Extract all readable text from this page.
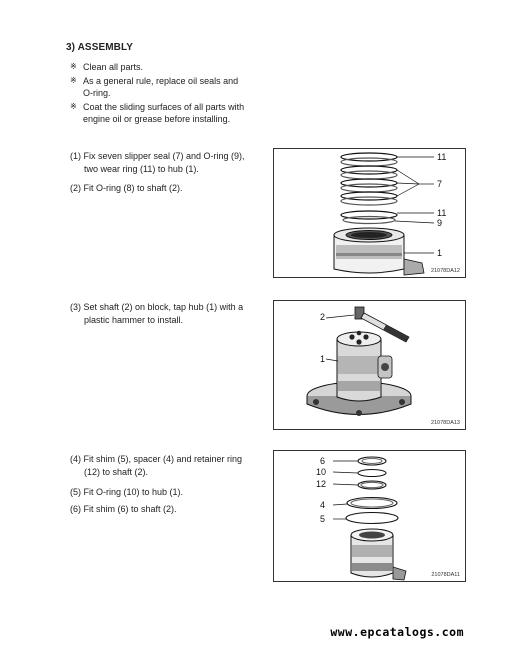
3) ASSEMBLY
※ Clean all parts.
※ As a general rule, replace oil seals and
O-ring.
※ Coat the sliding surfaces of all parts with
engine oil or grease before installing.
(1) Fix seven slipper seal (7) and O-ring (9),
two wear ring (11) to hub (1).
(2) Fit O-ring (8) to shaft (2).
(3) Set shaft (2) on block, tap hub (1) with a
plastic hammer to install.
(4) Fit shim (5), spacer (4) and retainer ring
(12) to shaft (2).
(5) Fit O-ring (10) to hub (1).
(6) Fit shim (6) to shaft (2).
11
7
11
9
1
21078DA12
2
1
21078DA13
6
10
12
4
5
21078DA11
www.epcatalogs.com
